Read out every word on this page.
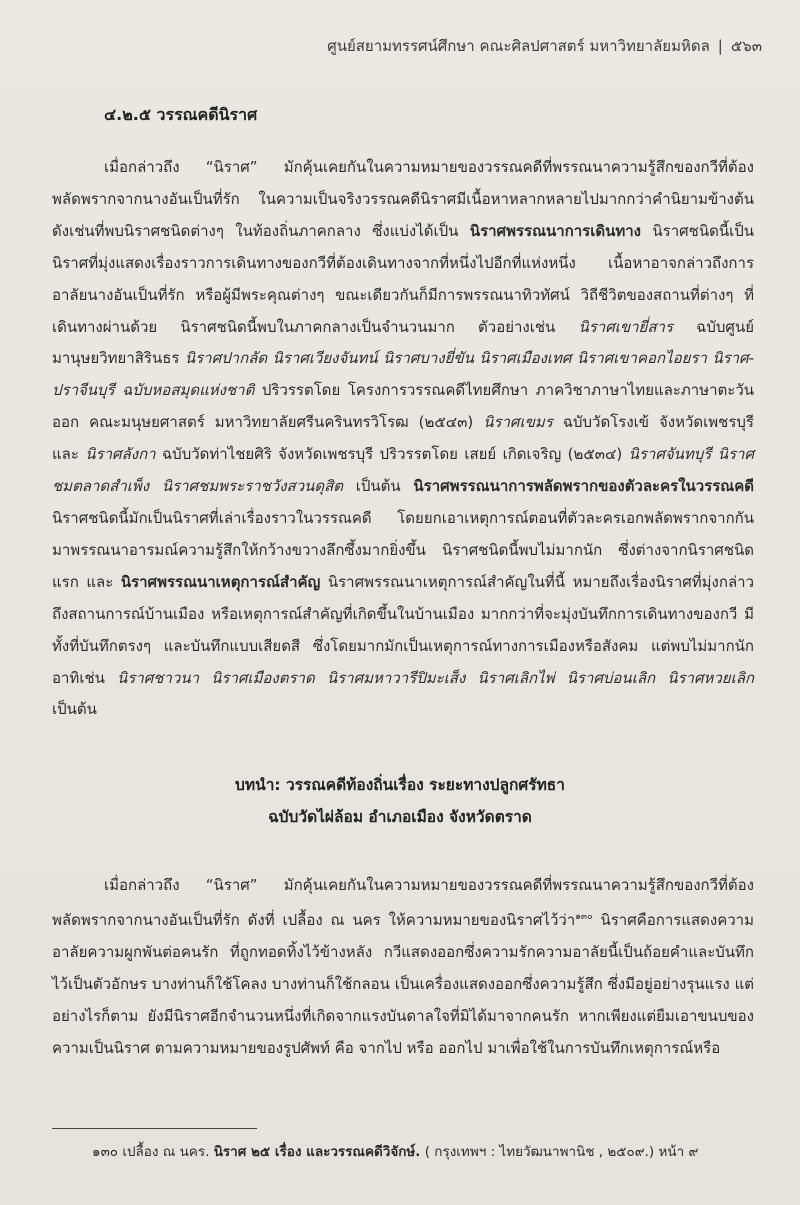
ศูนย์สยามทรรศน์ศึกษา คณะศิลปศาสตร์ มหาวิทยาลัยมหิดล | ๕๖๓
๔.๒.๕ วรรณคดีนิราศ

เมื่อกล่าวถึง “นิราศ” มักคุ้นเคยกันในความหมายของวรรณคดีที่พรรณนาความรู้สึกของกวีที่ต้องพลัดพรากจากนางอันเป็นที่รัก ในความเป็นจริงวรรณคดีนิราศมีเนื้อหาหลากหลายไปมากกว่าคำนิยามข้างต้น ดังเช่นที่พบนิราศชนิดต่างๆ ในท้องถิ่นภาคกลาง ซึ่งแบ่งได้เป็น นิราศพรรณนาการเดินทาง นิราศชนิดนี้เป็นนิราศที่มุ่งแสดงเรื่องราวการเดินทางของกวีที่ต้องเดินทางจากที่หนึ่งไปอีกที่แห่งหนึ่ง เนื้อหาอาจกล่าวถึงการอาลัยนางอันเป็นที่รัก หรือผู้มีพระคุณต่างๆ ขณะเดียวกันก็มีการพรรณนาทิวทัศน์ วิถีชีวิตของสถานที่ต่างๆ ที่เดินทางผ่านด้วย นิราศชนิดนี้พบในภาคกลางเป็นจำนวนมาก ตัวอย่างเช่น นิราศเขายี่สาร ฉบับศูนย์มานุษยวิทยาสิรินธร นิราศปากลัด นิราศเวียงจันทน์ นิราศบางยี่ขัน นิราศเมืองเทศ นิราศเขาคอกไอยรา นิราศ-ปราจีนบุรี ฉบับหอสมุดแห่งชาติ ปริวรรตโดย โครงการวรรณคดีไทยศึกษา ภาควิชาภาษาไทยและภาษาตะวันออก คณะมนุษยศาสตร์ มหาวิทยาลัยศรีนครินทรวิโรฒ (๒๕๔๓) นิราศเขมร ฉบับวัดโรงเข้ จังหวัดเพชรบุรี และ นิราศลังกา ฉบับวัดท่าไชยศิริ จังหวัดเพชรบุรี ปริวรรตโดย เสยย์ เกิดเจริญ (๒๕๓๔) นิราศจันทบุรี นิราศชมตลาดสำเพ็ง นิราศชมพระราชวังสวนดุสิต เป็นต้น นิราศพรรณนาการพลัดพรากของตัวละครในวรรณคดี นิราศชนิดนี้มักเป็นนิราศที่เล่าเรื่องราวในวรรณคดี โดยยกเอาเหตุการณ์ตอนที่ตัวละครเอกพลัดพรากจากกัน มาพรรณนาอารมณ์ความรู้สึกให้กว้างขวางลึกซึ้งมากยิ่งขึ้น นิราศชนิดนี้พบไม่มากนัก ซึ่งต่างจากนิราศชนิดแรก และ นิราศพรรณนาเหตุการณ์สำคัญ นิราศพรรณนาเหตุการณ์สำคัญในที่นี้ หมายถึงเรื่องนิราศที่มุ่งกล่าวถึงสถานการณ์บ้านเมือง หรือเหตุการณ์สำคัญที่เกิดขึ้นในบ้านเมือง มากกว่าที่จะมุ่งบันทึกการเดินทางของกวี มีทั้งที่บันทึกตรงๆ และบันทึกแบบเสียดสี ซึ่งโดยมากมักเป็นเหตุการณ์ทางการเมืองหรือสังคม แต่พบไม่มากนัก อาทิเช่น นิราศชาวนา นิราศเมืองตราด นิราศมหาวารีปิมะเส็ง นิราศเลิกไพ่ นิราศบ่อนเลิก นิราศหวยเลิก เป็นต้น

บทนำ: วรรณคดีท้องถิ่นเรื่อง ระยะทางปลูกศรัทธา
ฉบับวัดไผ่ล้อม อำเภอเมือง จังหวัดตราด

เมื่อกล่าวถึง “นิราศ” มักคุ้นเคยกันในความหมายของวรรณคดีที่พรรณนาความรู้สึกของกวีที่ต้องพลัดพรากจากนางอันเป็นที่รัก ดังที่ เปลื้อง ณ นคร ให้ความหมายของนิราศไว้ว่า$^{๑๓๐}$ นิราศคือการแสดงความอาลัยความผูกพันต่อคนรัก ที่ถูกทอดทิ้งไว้ข้างหลัง กวีแสดงออกซึ่งความรักความอาลัยนี้เป็นถ้อยคำและบันทึกไว้เป็นตัวอักษร บางท่านก็ใช้โคลง บางท่านก็ใช้กลอน เป็นเครื่องแสดงออกซึ่งความรู้สึก ซึ่งมีอยู่อย่างรุนแรง แต่อย่างไรก็ตาม ยังมีนิราศอีกจำนวนหนึ่งที่เกิดจากแรงบันดาลใจที่มิได้มาจากคนรัก หากเพียงแต่ยืมเอาขนบของความเป็นนิราศ ตามความหมายของรูปศัพท์ คือ จากไป หรือ ออกไป มาเพื่อใช้ในการบันทึกเหตุการณ์หรือ

๑๓๐ เปลื้อง ณ นคร. นิราศ ๒๕ เรื่อง และวรรณคดีวิจักษ์. ( กรุงเทพฯ : ไทยวัฒนาพานิช , ๒๕๐๙.) หน้า ๙
